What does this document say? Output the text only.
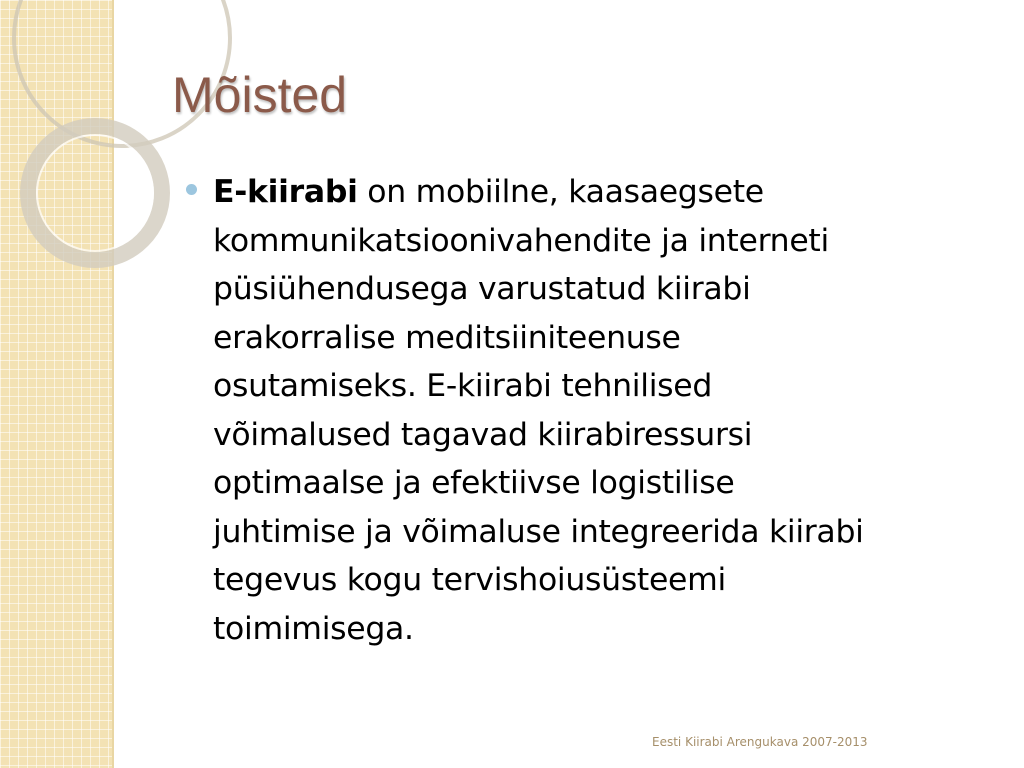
Mõisted
E-kiirabi on mobiilne, kaasaegsete
kommunikatsioonivahendite ja interneti
püsiühendusega varustatud kiirabi
erakorralise meditsiiniteenuse
osutamiseks. E-kiirabi tehnilised
võimalused tagavad kiirabiressursi
optimaalse ja efektiivse logistilise
juhtimise ja võimaluse integreerida kiirabi
tegevus kogu tervishoiusüsteemi
toimimisega.
Eesti Kiirabi Arengukava 2007-2013
